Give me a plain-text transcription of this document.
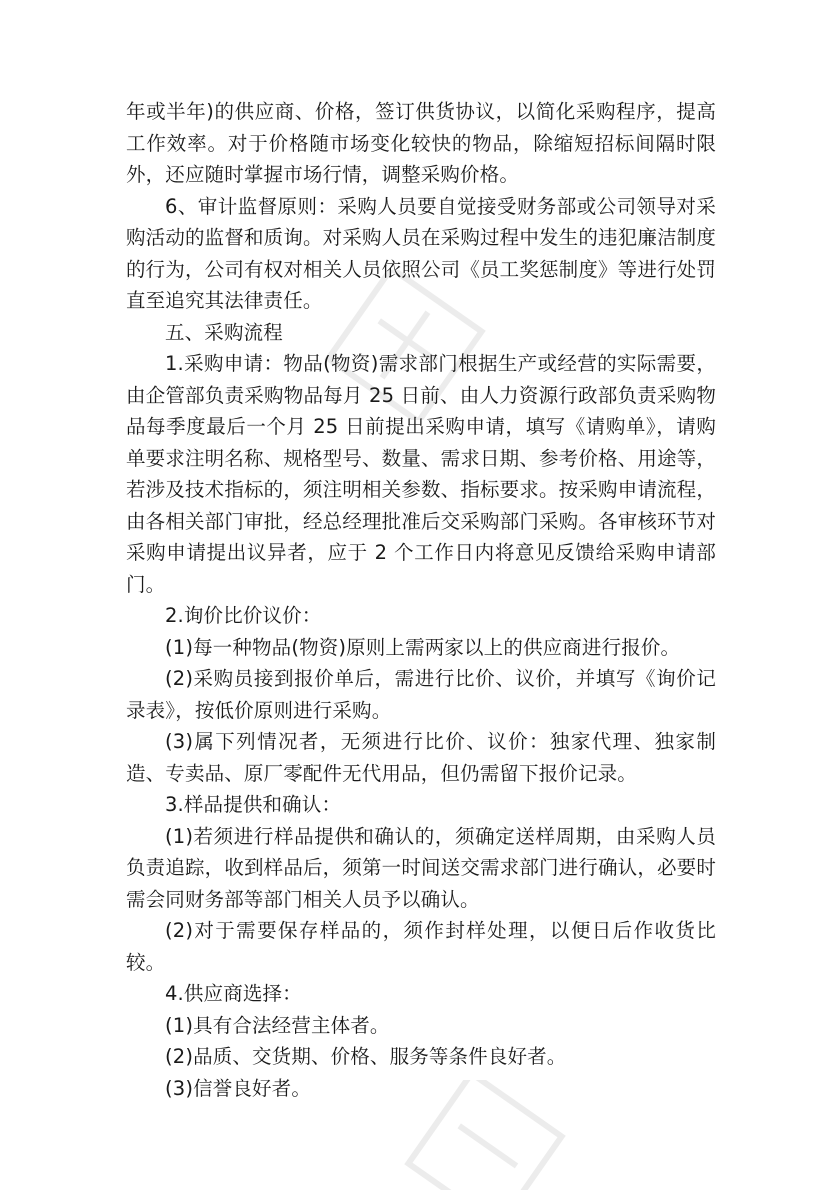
年或半年)的供应商、价格，签订供货协议，以简化采购程序，提高工作效率。对于价格随市场变化较快的物品，除缩短招标间隔时限外，还应随时掌握市场行情，调整采购价格。

6、审计监督原则：采购人员要自觉接受财务部或公司领导对采购活动的监督和质询。对采购人员在采购过程中发生的违犯廉洁制度的行为，公司有权对相关人员依照公司《员工奖惩制度》等进行处罚直至追究其法律责任。

五、采购流程

1.采购申请：物品(物资)需求部门根据生产或经营的实际需要，由企管部负责采购物品每月 25 日前、由人力资源行政部负责采购物品每季度最后一个月 25 日前提出采购申请，填写《请购单》，请购单要求注明名称、规格型号、数量、需求日期、参考价格、用途等，若涉及技术指标的，须注明相关参数、指标要求。按采购申请流程，由各相关部门审批，经总经理批准后交采购部门采购。各审核环节对采购申请提出议异者，应于 2 个工作日内将意见反馈给采购申请部门。

2.询价比价议价：

(1)每一种物品(物资)原则上需两家以上的供应商进行报价。

(2)采购员接到报价单后，需进行比价、议价，并填写《询价记录表》，按低价原则进行采购。

(3)属下列情况者，无须进行比价、议价：独家代理、独家制造、专卖品、原厂零配件无代用品，但仍需留下报价记录。

3.样品提供和确认：

(1)若须进行样品提供和确认的，须确定送样周期，由采购人员负责追踪，收到样品后，须第一时间送交需求部门进行确认，必要时需会同财务部等部门相关人员予以确认。

(2)对于需要保存样品的，须作封样处理，以便日后作收货比较。

4.供应商选择：

(1)具有合法经营主体者。

(2)品质、交货期、价格、服务等条件良好者。

(3)信誉良好者。
